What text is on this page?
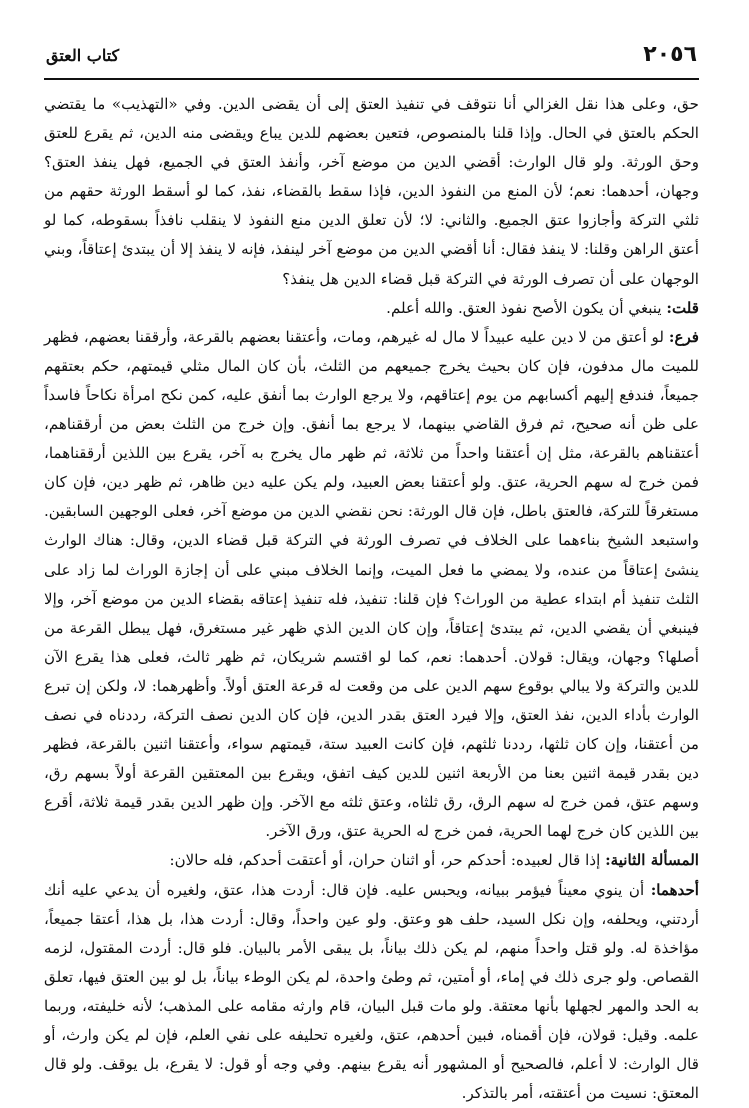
٢٠٥٦
كتاب العتق

حق، وعلى هذا نقل الغزالي أنا نتوقف في تنفيذ العتق إلى أن يقضى الدين. وفي «التهذيب» ما يقتضي الحكم بالعتق في الحال. وإذا قلنا بالمنصوص، فتعين بعضهم للدين يباع ويقضى منه الدين، ثم يقرع للعتق وحق الورثة. ولو قال الوارث: أقضي الدين من موضع آخر، وأنفذ العتق في الجميع، فهل ينفذ العتق؟ وجهان، أحدهما: نعم؛ لأن المنع من النفوذ الدين، فإذا سقط بالقضاء، نفذ، كما لو أسقط الورثة حقهم من ثلثي التركة وأجازوا عتق الجميع. والثاني: لا؛ لأن تعلق الدين منع النفوذ لا ينقلب نافذاً بسقوطه، كما لو أعتق الراهن وقلنا: لا ينفذ فقال: أنا أقضي الدين من موضع آخر لينفذ، فإنه لا ينفذ إلا أن يبتدئ إعتاقاً، وبني الوجهان على أن تصرف الورثة في التركة قبل قضاء الدين هل ينفذ؟

قلت: ينبغي أن يكون الأصح نفوذ العتق. والله أعلم.

فرع: لو أعتق من لا دين عليه عبيداً لا مال له غيرهم، ومات، وأعتقنا بعضهم بالقرعة، وأرققنا بعضهم، فظهر للميت مال مدفون، فإن كان بحيث يخرج جميعهم من الثلث، بأن كان المال مثلي قيمتهم، حكم بعتقهم جميعاً، فندفع إليهم أكسابهم من يوم إعتاقهم، ولا يرجع الوارث بما أنفق عليه، كمن نكح امرأة نكاحاً فاسداً على ظن أنه صحيح، ثم فرق القاضي بينهما، لا يرجع بما أنفق. وإن خرج من الثلث بعض من أرققناهم، أعتقناهم بالقرعة، مثل إن أعتقنا واحداً من ثلاثة، ثم ظهر مال يخرج به آخر، يقرع بين اللذين أرققناهما، فمن خرج له سهم الحرية، عتق. ولو أعتقنا بعض العبيد، ولم يكن عليه دين ظاهر، ثم ظهر دين، فإن كان مستغرقاً للتركة، فالعتق باطل، فإن قال الورثة: نحن نقضي الدين من موضع آخر، فعلى الوجهين السابقين. واستبعد الشيخ بناءهما على الخلاف في تصرف الورثة في التركة قبل قضاء الدين، وقال: هناك الوارث ينشئ إعتاقاً من عنده، ولا يمضي ما فعل الميت، وإنما الخلاف مبني على أن إجازة الوراث لما زاد على الثلث تنفيذ أم ابتداء عطية من الوراث؟ فإن قلنا: تنفيذ، فله تنفيذ إعتاقه بقضاء الدين من موضع آخر، وإلا فينبغي أن يقضي الدين، ثم يبتدئ إعتاقاً، وإن كان الدين الذي ظهر غير مستغرق، فهل يبطل القرعة من أصلها؟ وجهان، ويقال: قولان. أحدهما: نعم، كما لو اقتسم شريكان، ثم ظهر ثالث، فعلى هذا يقرع الآن للدين والتركة ولا يبالي بوقوع سهم الدين على من وقعت له قرعة العتق أولاً. وأظهرهما: لا، ولكن إن تبرع الوارث بأداء الدين، نفذ العتق، وإلا فيرد العتق بقدر الدين، فإن كان الدين نصف التركة، رددناه في نصف من أعتقنا، وإن كان ثلثها، رددنا ثلثهم، فإن كانت العبيد ستة، قيمتهم سواء، وأعتقنا اثنين بالقرعة، فظهر دين بقدر قيمة اثنين بعنا من الأربعة اثنين للدين كيف اتفق، ويقرع بين المعتقين القرعة أولاً بسهم رق، وسهم عتق، فمن خرج له سهم الرق، رق ثلثاه، وعتق ثلثه مع الآخر. وإن ظهر الدين بقدر قيمة ثلاثة، أقرع بين اللذين كان خرج لهما الحرية، فمن خرج له الحرية عتق، ورق الآخر.

المسألة الثانية: إذا قال لعبيده: أحدكم حر، أو اثنان حران، أو أعتقت أحدكم، فله حالان:

أحدهما: أن ينوي معيناً فيؤمر ببيانه، ويحبس عليه. فإن قال: أردت هذا، عتق، ولغيره أن يدعي عليه أنك أردتني، ويحلفه، وإن نكل السيد، حلف هو وعتق. ولو عين واحداً، وقال: أردت هذا، بل هذا، أعتقا جميعاً، مؤاخذة له. ولو قتل واحداً منهم، لم يكن ذلك بياناً، بل يبقى الأمر بالبيان. فلو قال: أردت المقتول، لزمه القصاص. ولو جرى ذلك في إماء، أو أمتين، ثم وطئ واحدة، لم يكن الوطء بياناً، بل لو بين العتق فيها، تعلق به الحد والمهر لجهلها بأنها معتقة. ولو مات قبل البيان، قام وارثه مقامه على المذهب؛ لأنه خليفته، وربما علمه. وقيل: قولان، فإن أقمناه، فبين أحدهم، عتق، ولغيره تحليفه على نفي العلم، فإن لم يكن وارث، أو قال الوارث: لا أعلم، فالصحيح أو المشهور أنه يقرع بينهم. وفي وجه أو قول: لا يقرع، بل يوقف. ولو قال المعتق: نسيت من أعتقته، أمر بالتذكر.
